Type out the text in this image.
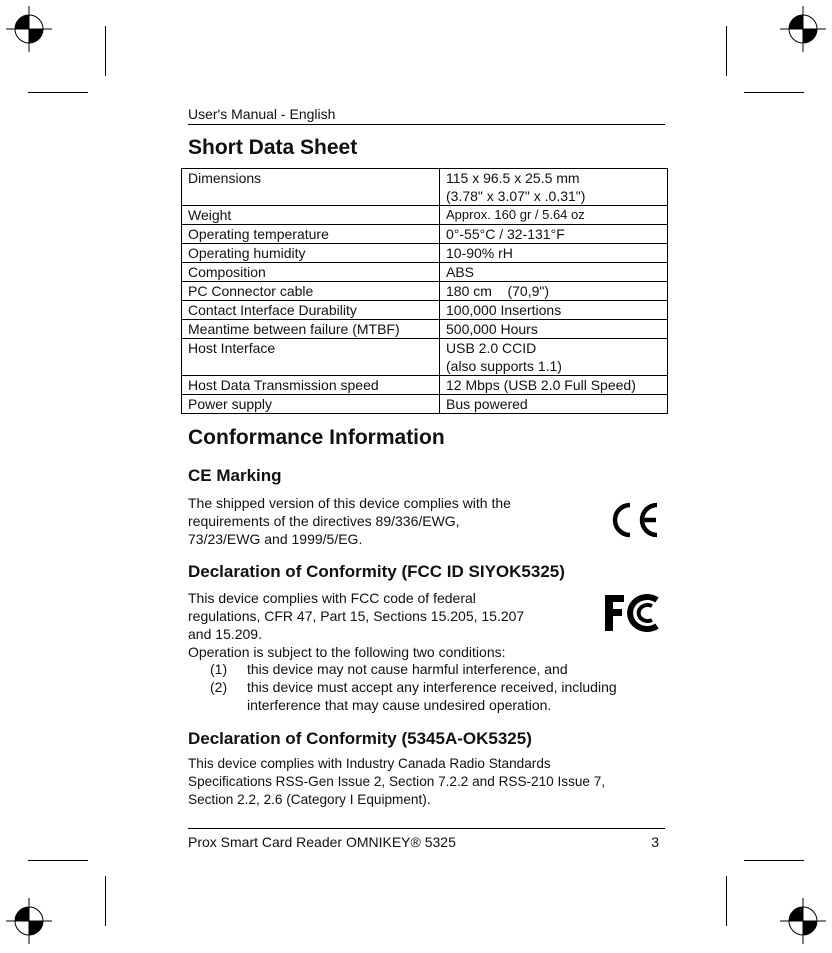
User's Manual - English
Short Data Sheet
Dimensions	115 x 96.5 x 25.5 mm
(3.78" x 3.07" x .0.31")

Weight	Approx. 160 gr / 5.64 oz
Operating temperature	0°-55°C / 32-131°F
Operating humidity	10-90% rH
Composition	ABS
PC Connector cable	180 cm    (70,9")
Contact Interface Durability	100,000 Insertions
Meantime between failure (MTBF)	500,000 Hours
Host Interface	USB 2.0 CCID
(also supports 1.1)

Host Data Transmission speed	12 Mbps (USB 2.0 Full Speed)
Power supply	Bus powered
Conformance Information
CE Marking
The shipped version of this device complies with the
requirements of the directives 89/336/EWG,
73/23/EWG and 1999/5/EG.
Declaration of Conformity (FCC ID SIYOK5325)
This device complies with FCC code of federal
regulations, CFR 47, Part 15, Sections 15.205, 15.207
and 15.209.
Operation is subject to the following two conditions:
(1) this device may not cause harmful interference, and
(2) this device must accept any interference received, including
interference that may cause undesired operation.
Declaration of Conformity (5345A-OK5325)
This device complies with Industry Canada Radio Standards
Specifications RSS-Gen Issue 2, Section 7.2.2 and RSS-210 Issue 7,
Section 2.2, 2.6 (Category I Equipment).
Prox Smart Card Reader OMNIKEY® 5325	3
